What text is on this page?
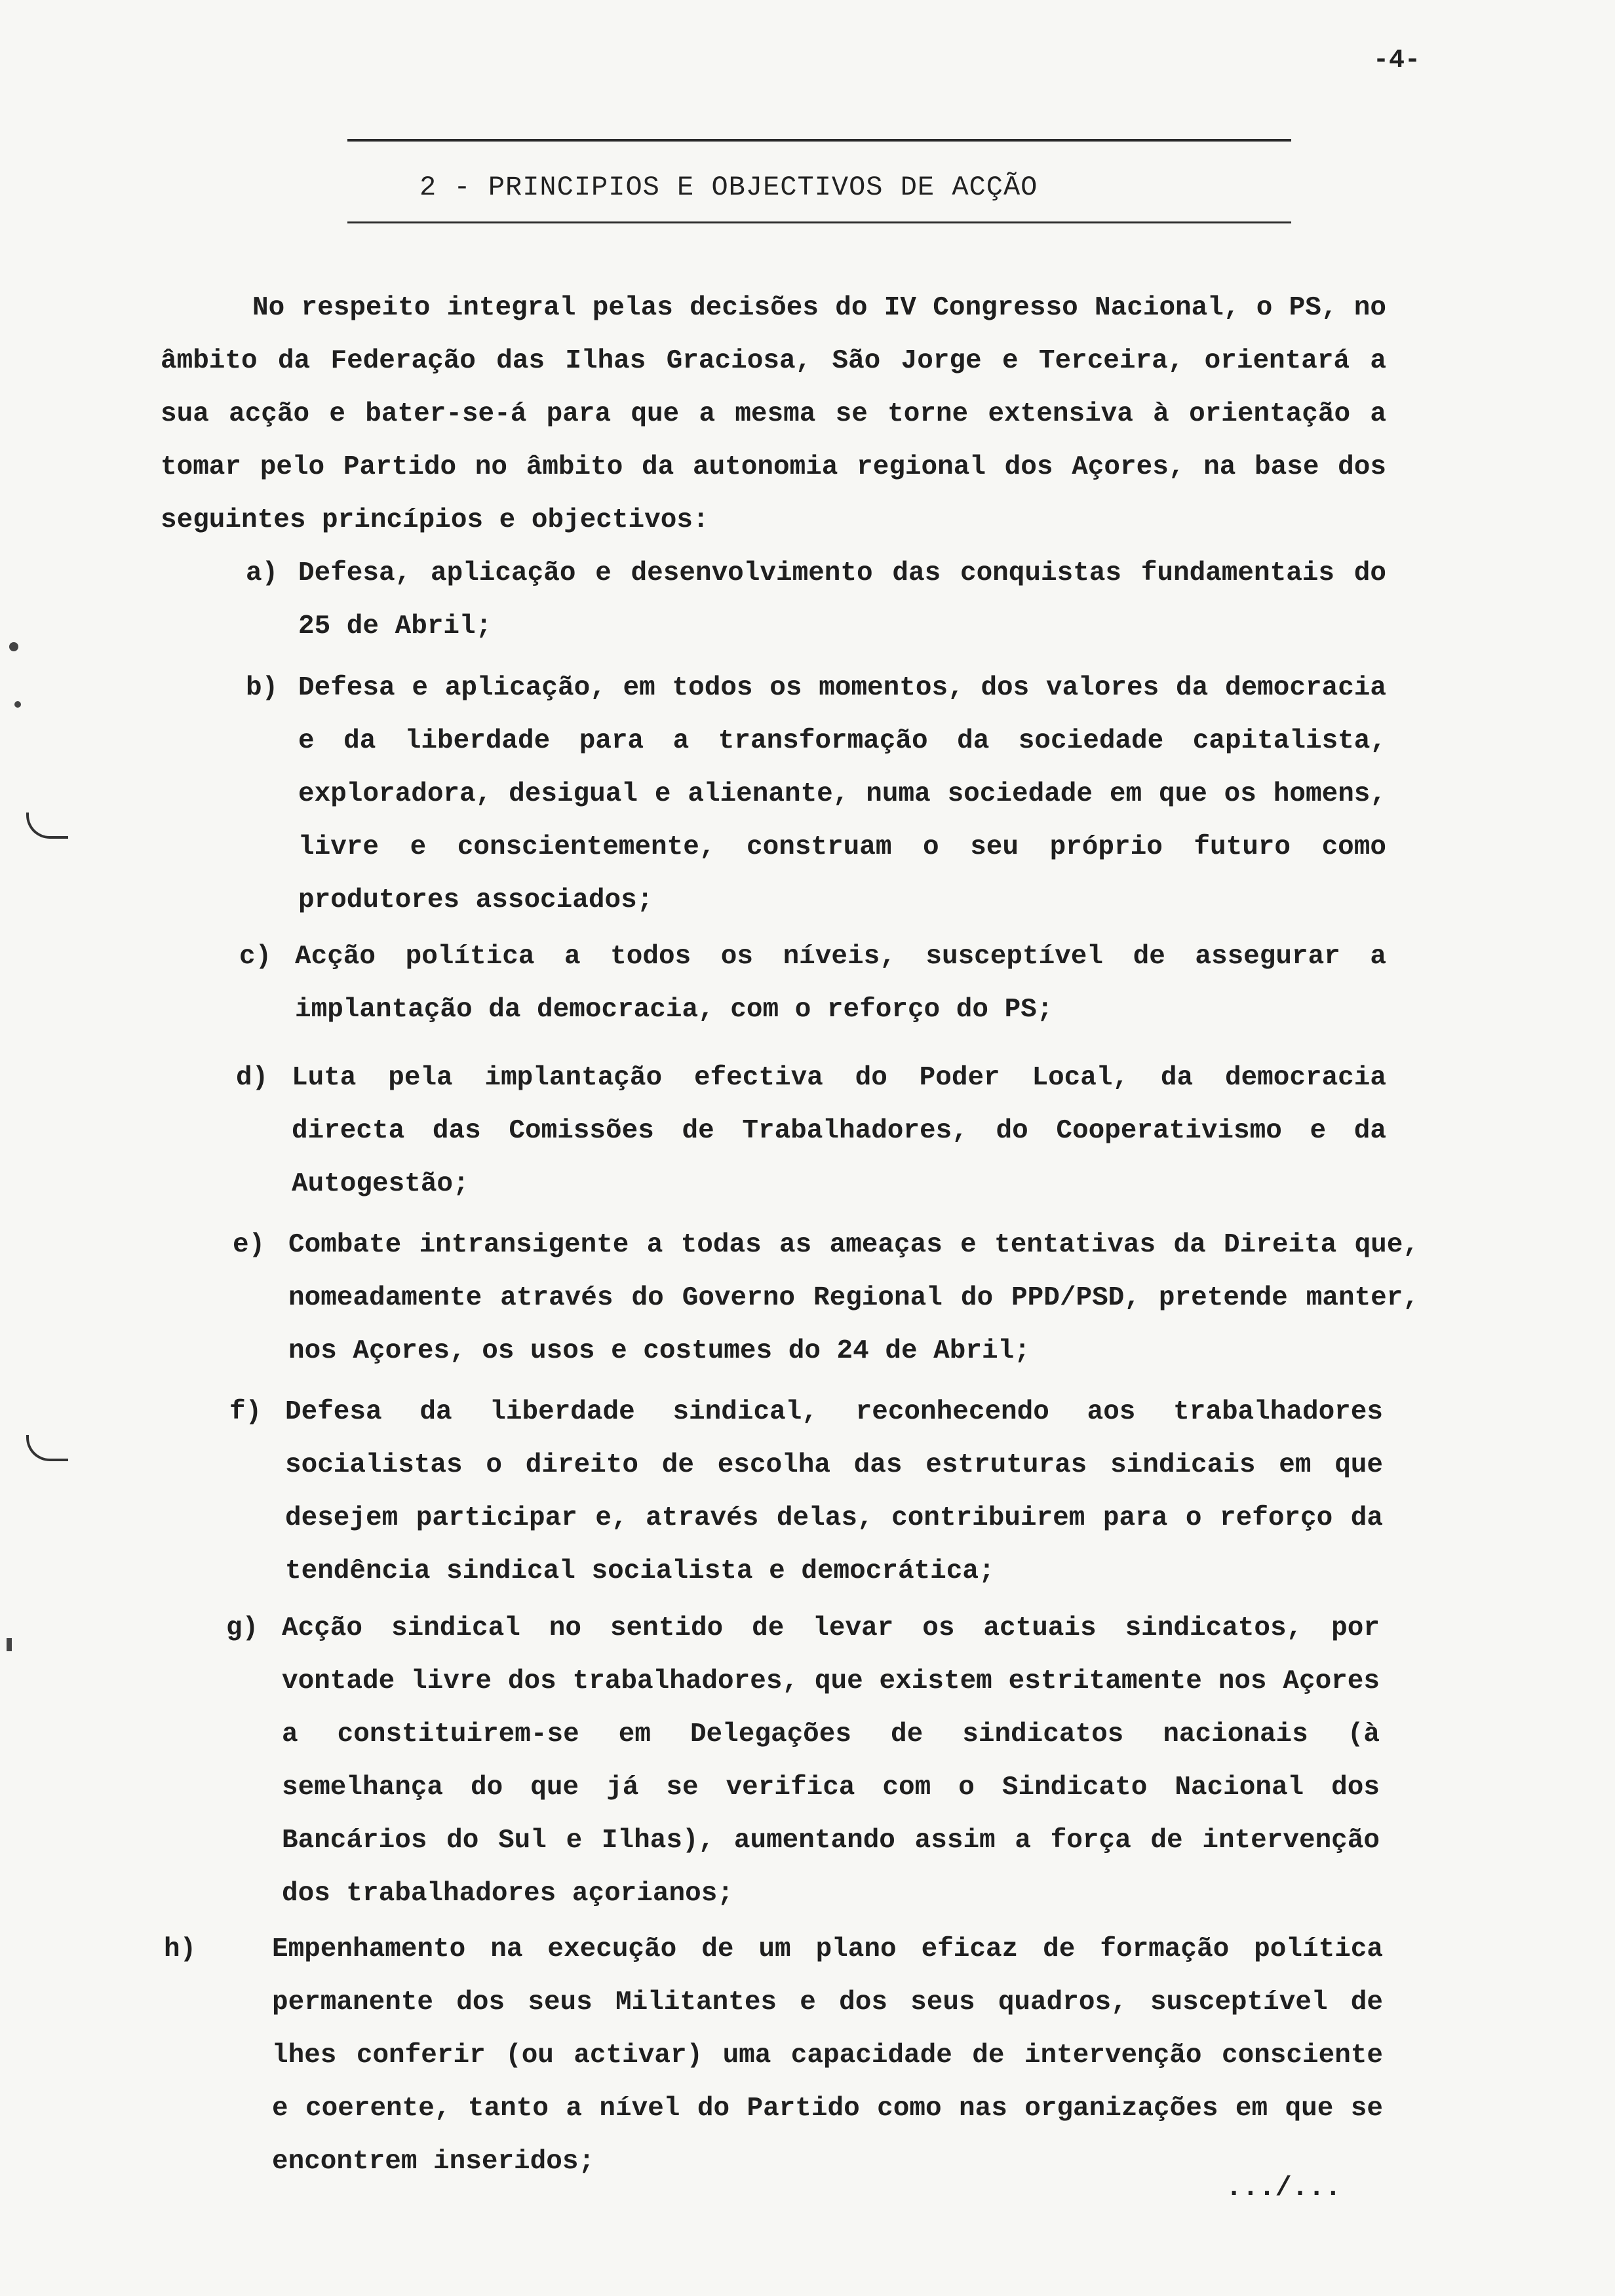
-4-
2 - PRINCIPIOS E OBJECTIVOS DE ACÇÃO
No respeito integral pelas decisões do IV Congresso Nacional, o PS, no âmbito da Federação das Ilhas Graciosa, São Jorge e Terceira, orientará a sua acção e bater-se-á para que a mesma se torne extensiva à orientação a tomar pelo Partido no âmbito da autonomia regional dos Açores, na base dos seguintes princípios e objectivos:
a) Defesa, aplicação e desenvolvimento das conquistas fundamentais do 25 de Abril;
b) Defesa e aplicação, em todos os momentos, dos valores da democracia e da liberdade para a transformação da sociedade capitalista, exploradora, desigual e alienante, numa sociedade em que os homens, livre e conscientemente, construam o seu próprio futuro como produtores associados;
c) Acção política a todos os níveis, susceptível de assegurar a implantação da democracia, com o reforço do PS;
d) Luta pela implantação efectiva do Poder Local, da democracia directa das Comissões de Trabalhadores, do Cooperativismo e da Autogestão;
e) Combate intransigente a todas as ameaças e tentativas da Direita que, nomeadamente através do Governo Regional do PPD/PSD, pretende manter, nos Açores, os usos e costumes do 24 de Abril;
f) Defesa da liberdade sindical, reconhecendo aos trabalhadores socialistas o direito de escolha das estruturas sindicais em que desejem participar e, através delas, contribuirem para o reforço da tendência sindical socialista e democrática;
g) Acção sindical no sentido de levar os actuais sindicatos, por vontade livre dos trabalhadores, que existem estritamente nos Açores a constituirem-se em Delegações de sindicatos nacionais (à semelhança do que já se verifica com o Sindicato Nacional dos Bancários do Sul e Ilhas), aumentando assim a força de intervenção dos trabalhadores açorianos;
h)	Empenhamento na execução de um plano eficaz de formação política permanente dos seus Militantes e dos seus quadros, susceptível de lhes conferir (ou activar) uma capacidade de intervenção consciente e coerente, tanto a nível do Partido como nas organizações em que se encontrem inseridos;
.../...
